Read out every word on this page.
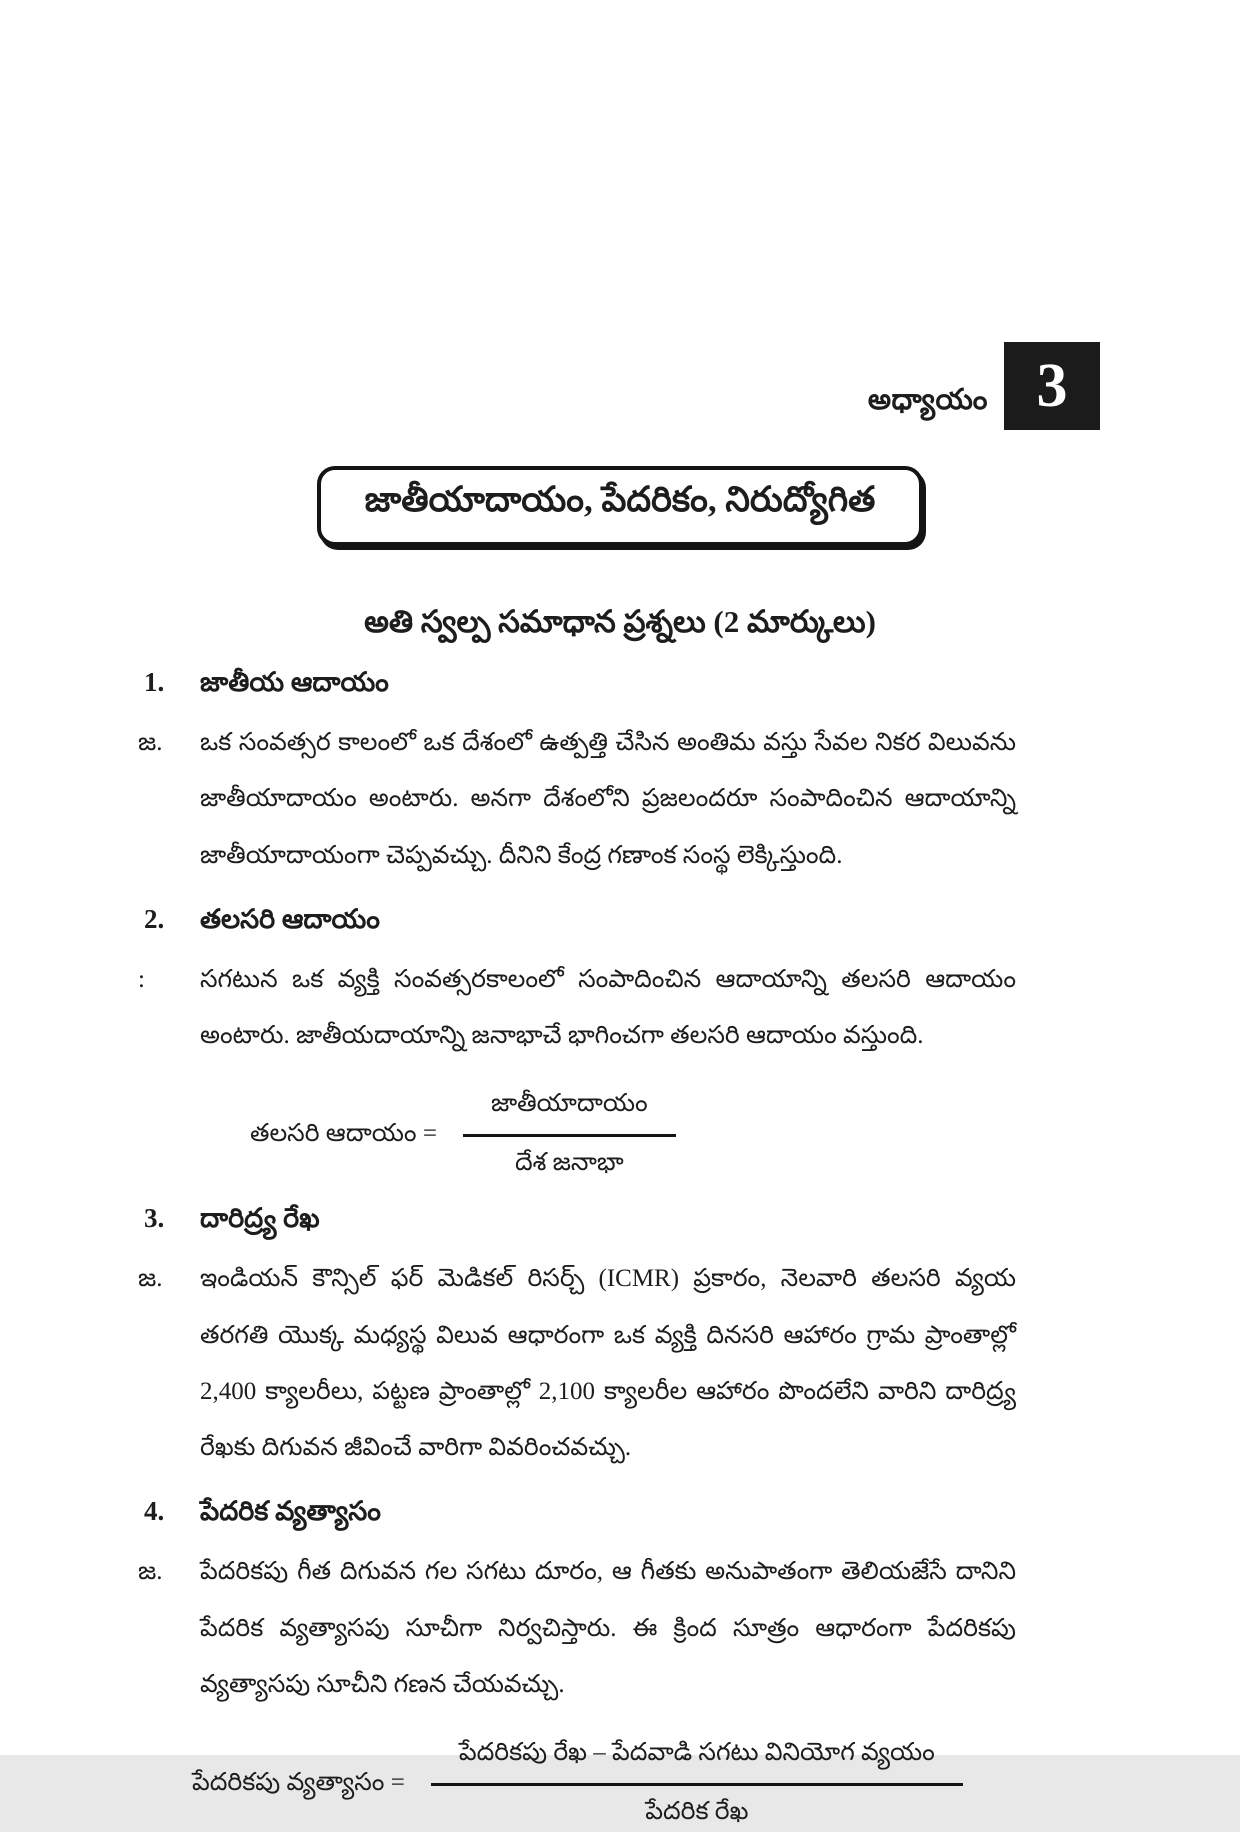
అధ్యాయం 3
జాతీయాదాయం, పేదరికం, నిరుద్యోగిత
అతి స్వల్ప సమాధాన ప్రశ్నలు (2 మార్కులు)
1.	జాతీయ ఆదాయం
జ.	ఒక సంవత్సర కాలంలో ఒక దేశంలో ఉత్పత్తి చేసిన అంతిమ వస్తు సేవల నికర విలువను జాతీయాదాయం అంటారు. అనగా దేశంలోని ప్రజలందరూ సంపాదించిన ఆదాయాన్ని జాతీయాదాయంగా చెప్పవచ్చు. దీనిని కేంద్ర గణాంక సంస్థ లెక్కిస్తుంది.

2.	తలసరి ఆదాయం
:	సగటున ఒక వ్యక్తి సంవత్సరకాలంలో సంపాదించిన ఆదాయాన్ని తలసరి ఆదాయం అంటారు. జాతీయదాయాన్ని జనాభాచే భాగించగా తలసరి ఆదాయం వస్తుంది.

తలసరి ఆదాయం = $\frac{\text{జాతీయాదాయం}}{\text{దేశ జనాభా}}$
3.	దారిద్ర్య రేఖ
జ.	ఇండియన్ కౌన్సిల్ ఫర్ మెడికల్ రిసర్చ్ (ICMR) ప్రకారం, నెలవారి తలసరి వ్యయ తరగతి యొక్క మధ్యస్థ విలువ ఆధారంగా ఒక వ్యక్తి దినసరి ఆహారం గ్రామ ప్రాంతాల్లో 2,400 క్యాలరీలు, పట్టణ ప్రాంతాల్లో 2,100 క్యాలరీల ఆహారం పొందలేని వారిని దారిద్ర్య రేఖకు దిగువన జీవించే వారిగా వివరించవచ్చు.

4.	పేదరిక వ్యత్యాసం
జ.	పేదరికపు గీత దిగువన గల సగటు దూరం, ఆ గీతకు అనుపాతంగా తెలియజేసే దానిని పేదరిక వ్యత్యాసపు సూచీగా నిర్వచిస్తారు. ఈ క్రింద సూత్రం ఆధారంగా పేదరికపు వ్యత్యాసపు సూచీని గణన చేయవచ్చు.

పేదరికపు వ్యత్యాసం = $\frac{\text{పేదరికపు రేఖ – పేదవాడి సగటు వినియోగ వ్యయం}}{\text{పేదరిక రేఖ}}$
